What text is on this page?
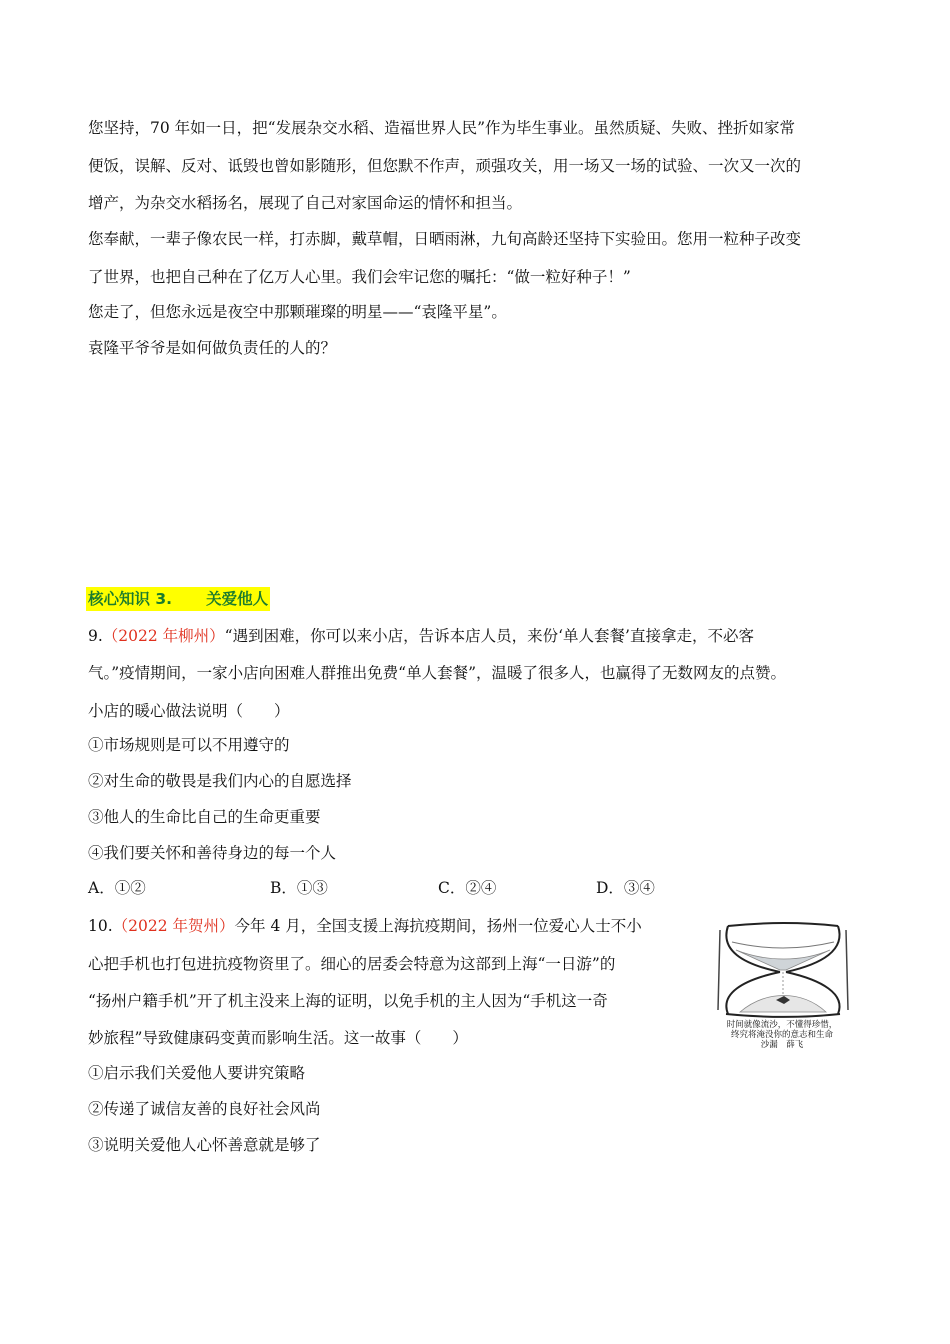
您坚持，70 年如一日，把“发展杂交水稻、造福世界人民”作为毕生事业。虽然质疑、失败、挫折如家常
便饭，误解、反对、诋毁也曾如影随形，但您默不作声，顽强攻关，用一场又一场的试验、一次又一次的
增产，为杂交水稻扬名，展现了自己对家国命运的情怀和担当。
您奉献，一辈子像农民一样，打赤脚，戴草帽，日晒雨淋，九旬高龄还坚持下实验田。您用一粒种子改变
了世界，也把自己种在了亿万人心里。我们会牢记您的嘱托：“做一粒好种子！”
您走了，但您永远是夜空中那颗璀璨的明星——“袁隆平星”。
袁隆平爷爷是如何做负责任的人的？
核心知识 3. 关爱他人
9.（2022 年柳州）“遇到困难，你可以来小店，告诉本店人员，来份‘单人套餐’直接拿走，不必客
气。”疫情期间，一家小店向困难人群推出免费“单人套餐”，温暖了很多人，也赢得了无数网友的点赞。
小店的暖心做法说明（　　）
①市场规则是可以不用遵守的
②对生命的敬畏是我们内心的自愿选择
③他人的生命比自己的生命更重要
④我们要关怀和善待身边的每一个人
A．①②	B．①③	C．②④	D．③④
10.（2022 年贺州）今年 4 月，全国支援上海抗疫期间，扬州一位爱心人士不小
心把手机也打包进抗疫物资里了。细心的居委会特意为这部到上海“一日游”的
“扬州户籍手机”开了机主没来上海的证明，以免手机的主人因为“手机这一奇
妙旅程”导致健康码变黄而影响生活。这一故事（　　）
①启示我们关爱他人要讲究策略
②传递了诚信友善的良好社会风尚
③说明关爱他人心怀善意就是够了
时间就像流沙，不懂得珍惜，
终究将淹没你的意志和生命
沙漏　薛飞
